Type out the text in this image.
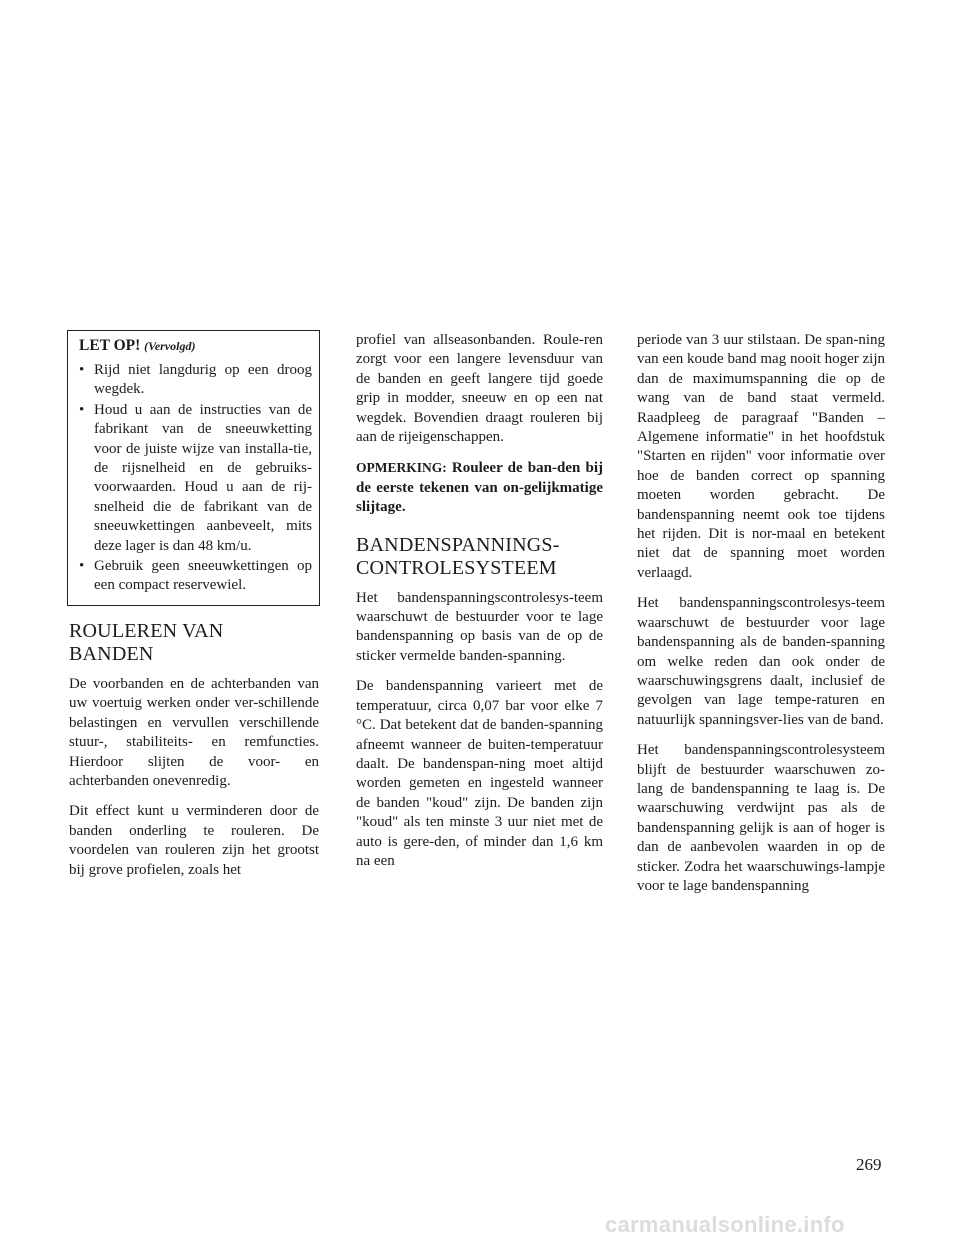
LET OP! (Vervolgd)
• Rijd niet langdurig op een droog wegdek.
• Houd u aan de instructies van de fabrikant van de sneeuwketting voor de juiste wijze van installa-tie, de rijsnelheid en de gebruiks-voorwaarden. Houd u aan de rij-snelheid die de fabrikant van de sneeuwkettingen aanbeveelt, mits deze lager is dan 48 km/u.
• Gebruik geen sneeuwkettingen op een compact reservewiel.
ROULEREN VAN
BANDEN

De voorbanden en de achterbanden van uw voertuig werken onder ver-schillende belastingen en vervullen verschillende stuur-, stabiliteits- en remfuncties. Hierdoor slijten de voor- en achterbanden onevenredig.

Dit effect kunt u verminderen door de banden onderling te rouleren. De voordelen van rouleren zijn het grootst bij grove profielen, zoals het

profiel van allseasonbanden. Roule-ren zorgt voor een langere levensduur van de banden en geeft langere tijd goede grip in modder, sneeuw en op een nat wegdek. Bovendien draagt rouleren bij aan de rijeigenschappen.

OPMERKING: Rouleer de ban-den bij de eerste tekenen van on-gelijkmatige slijtage.
BANDENSPANNINGS-
CONTROLESYSTEEM

Het bandenspanningscontrolesys-teem waarschuwt de bestuurder voor te lage bandenspanning op basis van de op de sticker vermelde banden-spanning.

De bandenspanning varieert met de temperatuur, circa 0,07 bar voor elke 7 °C. Dat betekent dat de banden-spanning afneemt wanneer de buiten-temperatuur daalt. De bandenspan-ning moet altijd worden gemeten en ingesteld wanneer de banden "koud" zijn. De banden zijn "koud" als ten minste 3 uur niet met de auto is gere-den, of minder dan 1,6 km na een

periode van 3 uur stilstaan. De span-ning van een koude band mag nooit hoger zijn dan de maximumspanning die op de wang van de band staat vermeld. Raadpleeg de paragraaf "Banden – Algemene informatie" in het hoofdstuk "Starten en rijden" voor informatie over hoe de banden correct op spanning moeten worden gebracht. De bandenspanning neemt ook toe tijdens het rijden. Dit is nor-maal en betekent niet dat de spanning moet worden verlaagd.

Het bandenspanningscontrolesys-teem waarschuwt de bestuurder voor lage bandenspanning als de banden-spanning om welke reden dan ook onder de waarschuwingsgrens daalt, inclusief de gevolgen van lage tempe-raturen en natuurlijk spanningsver-lies van de band.

Het bandenspanningscontrolesysteem blijft de bestuurder waarschuwen zo-lang de bandenspanning te laag is. De waarschuwing verdwijnt pas als de bandenspanning gelijk is aan of hoger is dan de aanbevolen waarden in op de sticker. Zodra het waarschuwings-lampje voor te lage bandenspanning

269
carmanualsonline.info
